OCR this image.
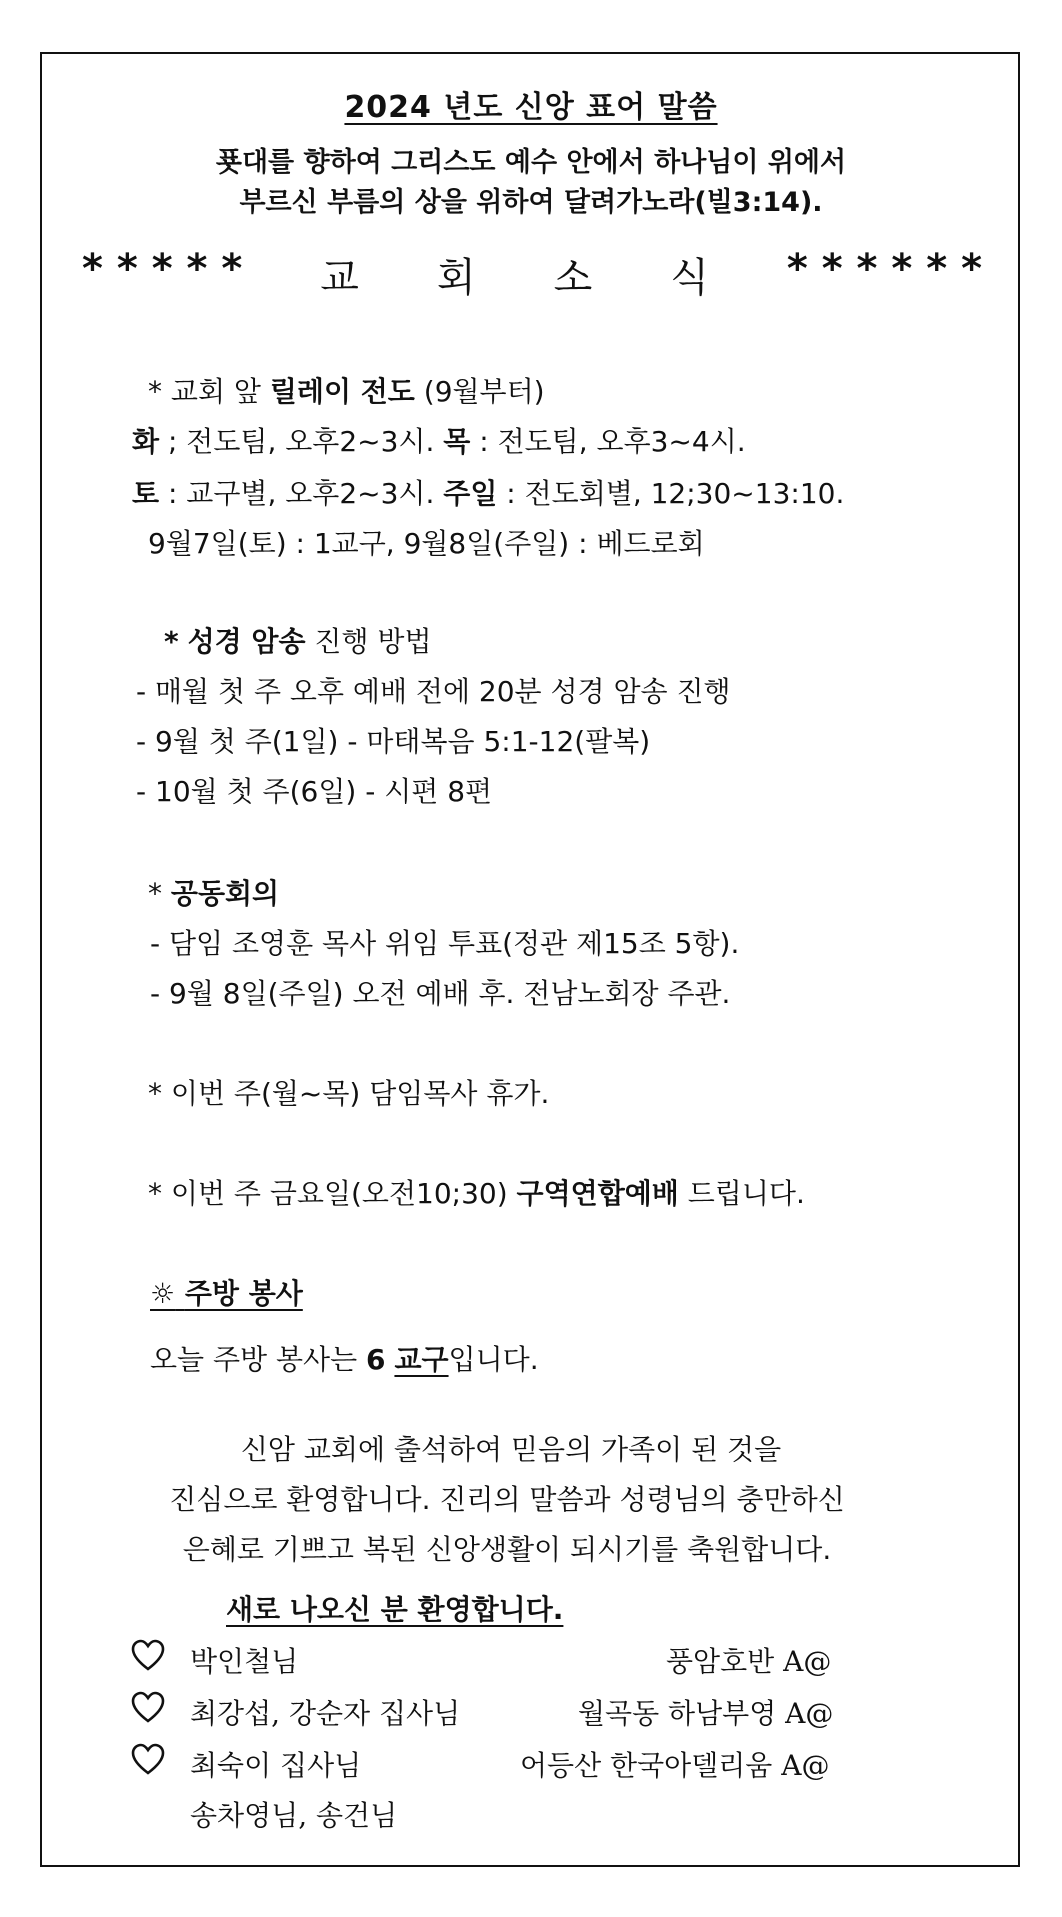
2024 년도 신앙 표어 말씀
푯대를 향하여 그리스도 예수 안에서 하나님이 위에서
부르신 부름의 상을 위하여 달려가노라(빌3:14).
* * * * * 교 회 소 식 * * * * * *
* 교회 앞 릴레이 전도 (9월부터)
화 ; 전도팀, 오후2~3시. 목 : 전도팀, 오후3~4시.
토 : 교구별, 오후2~3시. 주일 : 전도회별, 12;30~13:10.
9월7일(토) : 1교구, 9월8일(주일) : 베드로회
* 성경 암송 진행 방법
- 매월 첫 주 오후 예배 전에 20분 성경 암송 진행
- 9월 첫 주(1일) - 마태복음 5:1-12(팔복)
- 10월 첫 주(6일) - 시편 8편
* 공동회의
- 담임 조영훈 목사 위임 투표(정관 제15조 5항).
- 9월 8일(주일) 오전 예배 후. 전남노회장 주관.
* 이번 주(월~목) 담임목사 휴가.
* 이번 주 금요일(오전10;30) 구역연합예배 드립니다.
☼ 주방 봉사
오늘 주방 봉사는 6 교구입니다.
신암 교회에 출석하여 믿음의 가족이 된 것을
진심으로 환영합니다. 진리의 말씀과 성령님의 충만하신
은혜로 기쁘고 복된 신앙생활이 되시기를 축원합니다.
새로 나오신 분 환영합니다.
박인철님	풍암호반 A@
최강섭, 강순자 집사님	월곡동 하남부영 A@
최숙이 집사님	어등산 한국아델리움 A@
송차영님, 송건님
